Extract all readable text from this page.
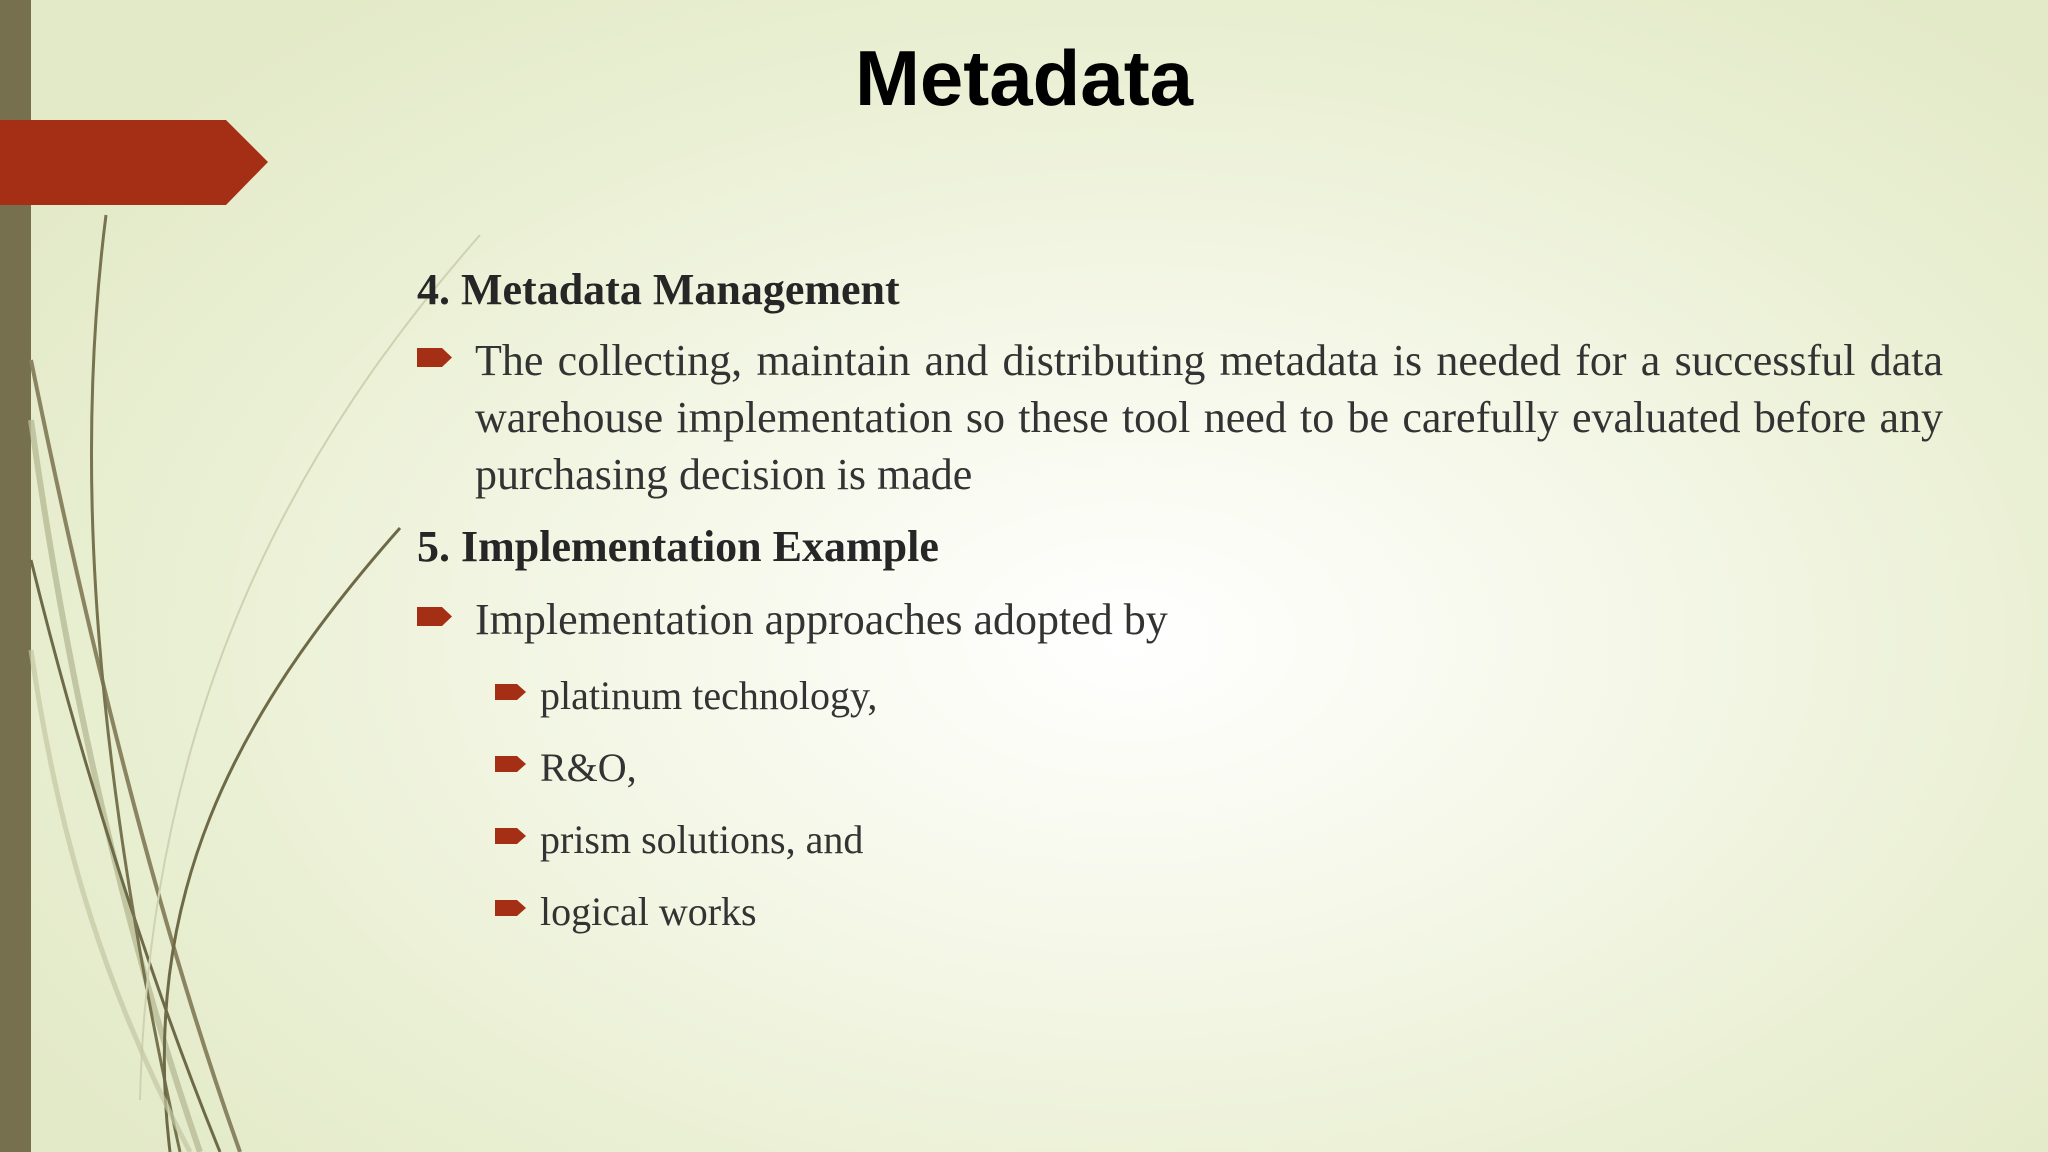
Metadata

4. Metadata Management

The collecting, maintain and distributing metadata is needed for a successful data warehouse implementation so these tool need to be carefully evaluated before any purchasing decision is made

5. Implementation Example

Implementation approaches adopted by
platinum technology,
R&O,
prism solutions, and
logical works
